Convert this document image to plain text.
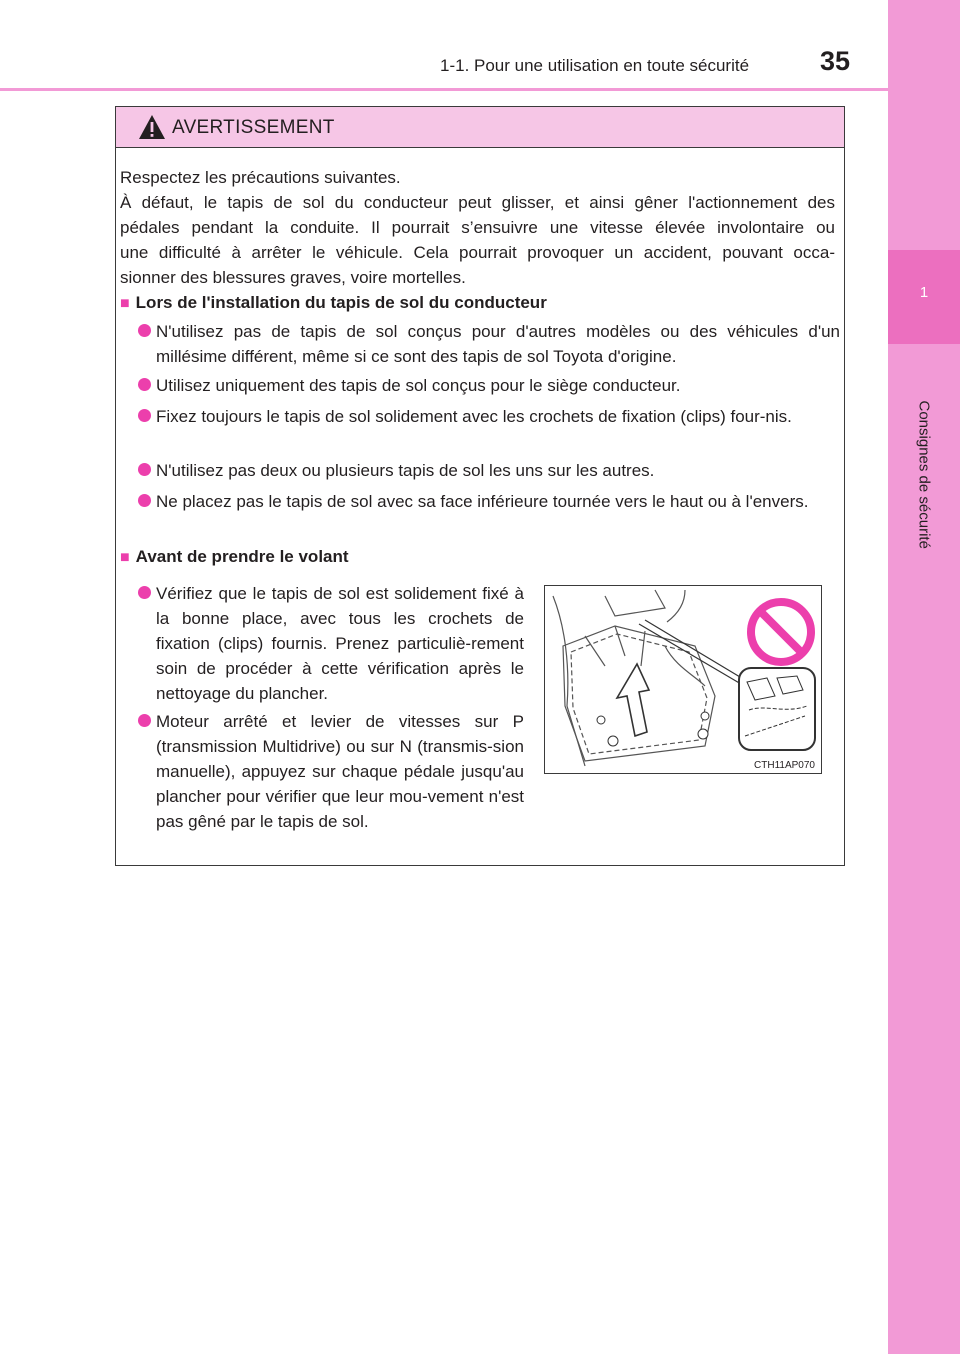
1-1. Pour une utilisation en toute sécurité	35
1
Consignes de sécurité
AVERTISSEMENT
Respectez les précautions suivantes.
À défaut, le tapis de sol du conducteur peut glisser, et ainsi gêner l'actionnement des
pédales pendant la conduite. Il pourrait s’ensuivre une vitesse élevée involontaire ou
une difficulté à arrêter le véhicule. Cela pourrait provoquer un accident, pouvant occa-
sionner des blessures graves, voire mortelles.
■ Lors de l'installation du tapis de sol du conducteur
N'utilisez pas de tapis de sol conçus pour d'autres modèles ou des véhicules d'un millésime différent, même si ce sont des tapis de sol Toyota d'origine.
Utilisez uniquement des tapis de sol conçus pour le siège conducteur.
Fixez toujours le tapis de sol solidement avec les crochets de fixation (clips) four-nis.
N'utilisez pas deux ou plusieurs tapis de sol les uns sur les autres.
Ne placez pas le tapis de sol avec sa face inférieure tournée vers le haut ou à l'envers.
■ Avant de prendre le volant
Vérifiez que le tapis de sol est solidement fixé à la bonne place, avec tous les crochets de fixation (clips) fournis. Prenez particuliè-rement soin de procéder à cette vérification après le nettoyage du plancher.
Moteur arrêté et levier de vitesses sur P (transmission Multidrive) ou sur N (transmis-sion manuelle), appuyez sur chaque pédale jusqu'au plancher pour vérifier que leur mou-vement n'est pas gêné par le tapis de sol.
CTH11AP070
